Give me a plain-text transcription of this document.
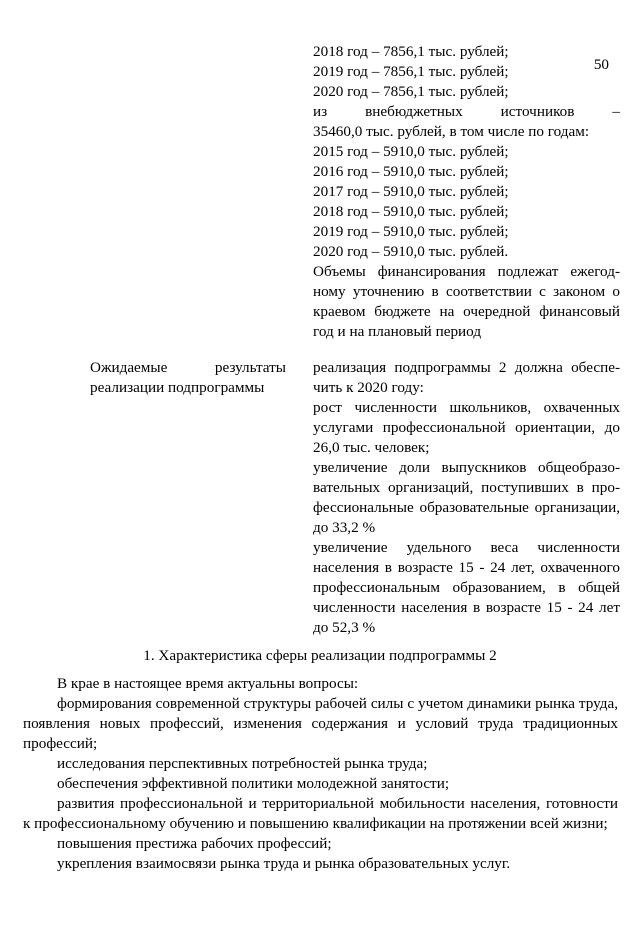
50
2018 год – 7856,1 тыс. рублей;
2019 год – 7856,1 тыс. рублей;
2020 год – 7856,1 тыс. рублей;
из внебюджетных источников –
35460,0 тыс. рублей, в том числе по годам:
2015 год – 5910,0 тыс. рублей;
2016 год – 5910,0 тыс. рублей;
2017 год – 5910,0 тыс. рублей;
2018 год – 5910,0 тыс. рублей;
2019 год – 5910,0 тыс. рублей;
2020 год – 5910,0 тыс. рублей.
Объемы финансирования подлежат ежегодному уточнению в соответствии с законом о краевом бюджете на очередной финансовый год и на плановый период
Ожидаемые результаты реализации подпрограммы
реализация подпрограммы 2 должна обеспечить к 2020 году:
рост численности школьников, охваченных услугами профессиональной ориентации, до 26,0 тыс. человек;
увеличение доли выпускников общеобразовательных организаций, поступивших в профессиональные образовательные организации, до 33,2 %
увеличение удельного веса численности населения в возрасте 15 - 24 лет, охваченного профессиональным образованием, в общей численности населения в возрасте 15 - 24 лет до 52,3 %
1. Характеристика сферы реализации подпрограммы 2

В крае в настоящее время актуальны вопросы:

формирования современной структуры рабочей силы с учетом динамики рынка труда, появления новых профессий, изменения содержания и условий труда традиционных профессий;

исследования перспективных потребностей рынка труда;

обеспечения эффективной политики молодежной занятости;

развития профессиональной и территориальной мобильности населения, готовности к профессиональному обучению и повышению квалификации на протяжении всей жизни;

повышения престижа рабочих профессий;

укрепления взаимосвязи рынка труда и рынка образовательных услуг.
